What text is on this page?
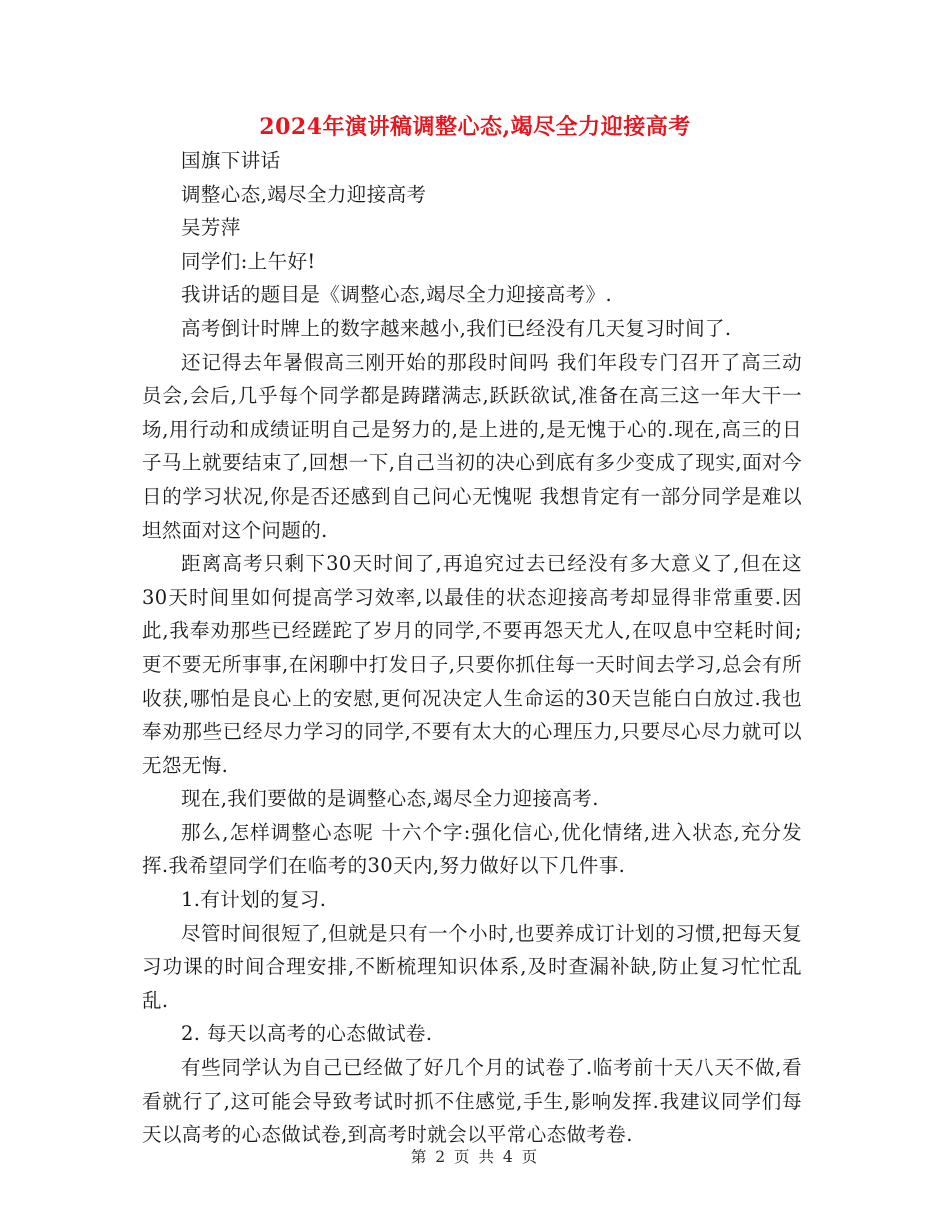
2024年演讲稿调整心态,竭尽全力迎接高考

国旗下讲话

调整心态,竭尽全力迎接高考

吴芳萍

同学们:上午好!

我讲话的题目是《调整心态,竭尽全力迎接高考》.

高考倒计时牌上的数字越来越小,我们已经没有几天复习时间了.

还记得去年暑假高三刚开始的那段时间吗 我们年段专门召开了高三动员会,会后,几乎每个同学都是踌躇满志,跃跃欲试,准备在高三这一年大干一场,用行动和成绩证明自己是努力的,是上进的,是无愧于心的.现在,高三的日子马上就要结束了,回想一下,自己当初的决心到底有多少变成了现实,面对今日的学习状况,你是否还感到自己问心无愧呢 我想肯定有一部分同学是难以坦然面对这个问题的.

距离高考只剩下30天时间了,再追究过去已经没有多大意义了,但在这30天时间里如何提高学习效率,以最佳的状态迎接高考却显得非常重要.因此,我奉劝那些已经蹉跎了岁月的同学,不要再怨天尤人,在叹息中空耗时间;更不要无所事事,在闲聊中打发日子,只要你抓住每一天时间去学习,总会有所收获,哪怕是良心上的安慰,更何况决定人生命运的30天岂能白白放过.我也奉劝那些已经尽力学习的同学,不要有太大的心理压力,只要尽心尽力就可以无怨无悔.

现在,我们要做的是调整心态,竭尽全力迎接高考.

那么,怎样调整心态呢 十六个字:强化信心,优化情绪,进入状态,充分发挥.我希望同学们在临考的30天内,努力做好以下几件事.

1.有计划的复习.

尽管时间很短了,但就是只有一个小时,也要养成订计划的习惯,把每天复习功课的时间合理安排,不断梳理知识体系,及时查漏补缺,防止复习忙忙乱乱.

2. 每天以高考的心态做试卷.

有些同学认为自己已经做了好几个月的试卷了.临考前十天八天不做,看看就行了,这可能会导致考试时抓不住感觉,手生,影响发挥.我建议同学们每天以高考的心态做试卷,到高考时就会以平常心态做考卷.

第 2 页 共 4 页
